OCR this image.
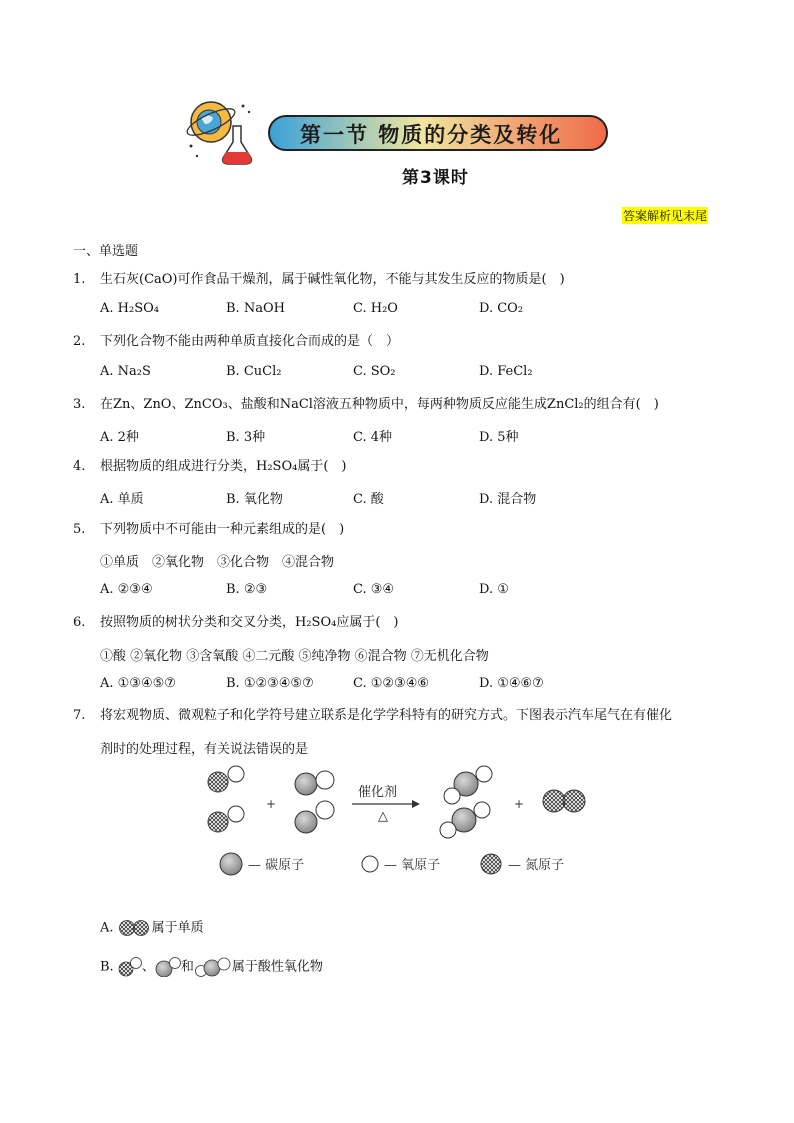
第一节 物质的分类及转化
第3课时
答案解析见末尾
一、单选题
1. 生石灰(CaO)可作食品干燥剂，属于碱性氧化物，不能与其发生反应的物质是(　)
A. H₂SO₄	B. NaOH	C. H₂O	D. CO₂
2. 下列化合物不能由两种单质直接化合而成的是（　）
A. Na₂S	B. CuCl₂	C. SO₂	D. FeCl₂
3. 在Zn、ZnO、ZnCO₃、盐酸和NaCl溶液五种物质中，每两种物质反应能生成ZnCl₂的组合有(　)
A. 2种	B. 3种	C. 4种	D. 5种
4. 根据物质的组成进行分类，H₂SO₄属于(　)
A. 单质	B. 氧化物	C. 酸	D. 混合物
5. 下列物质中不可能由一种元素组成的是(　)
①单质　②氧化物　③化合物　④混合物
A. ②③④	B. ②③	C. ③④	D. ①
6. 按照物质的树状分类和交叉分类，H₂SO₄应属于(　)
①酸 ②氧化物 ③含氧酸 ④二元酸 ⑤纯净物 ⑥混合物 ⑦无机化合物
A. ①③④⑤⑦	B. ①②③④⑤⑦	C. ①②③④⑥	D. ①④⑥⑦
7. 将宏观物质、微观粒子和化学符号建立联系是化学学科特有的研究方式。下图表示汽车尾气在有催化
剂时的处理过程，有关说法错误的是
+
催化剂
△
+
— 碳原子	— 氧原子	— 氮原子
A.	属于单质
B. 、 和	属于酸性氧化物
